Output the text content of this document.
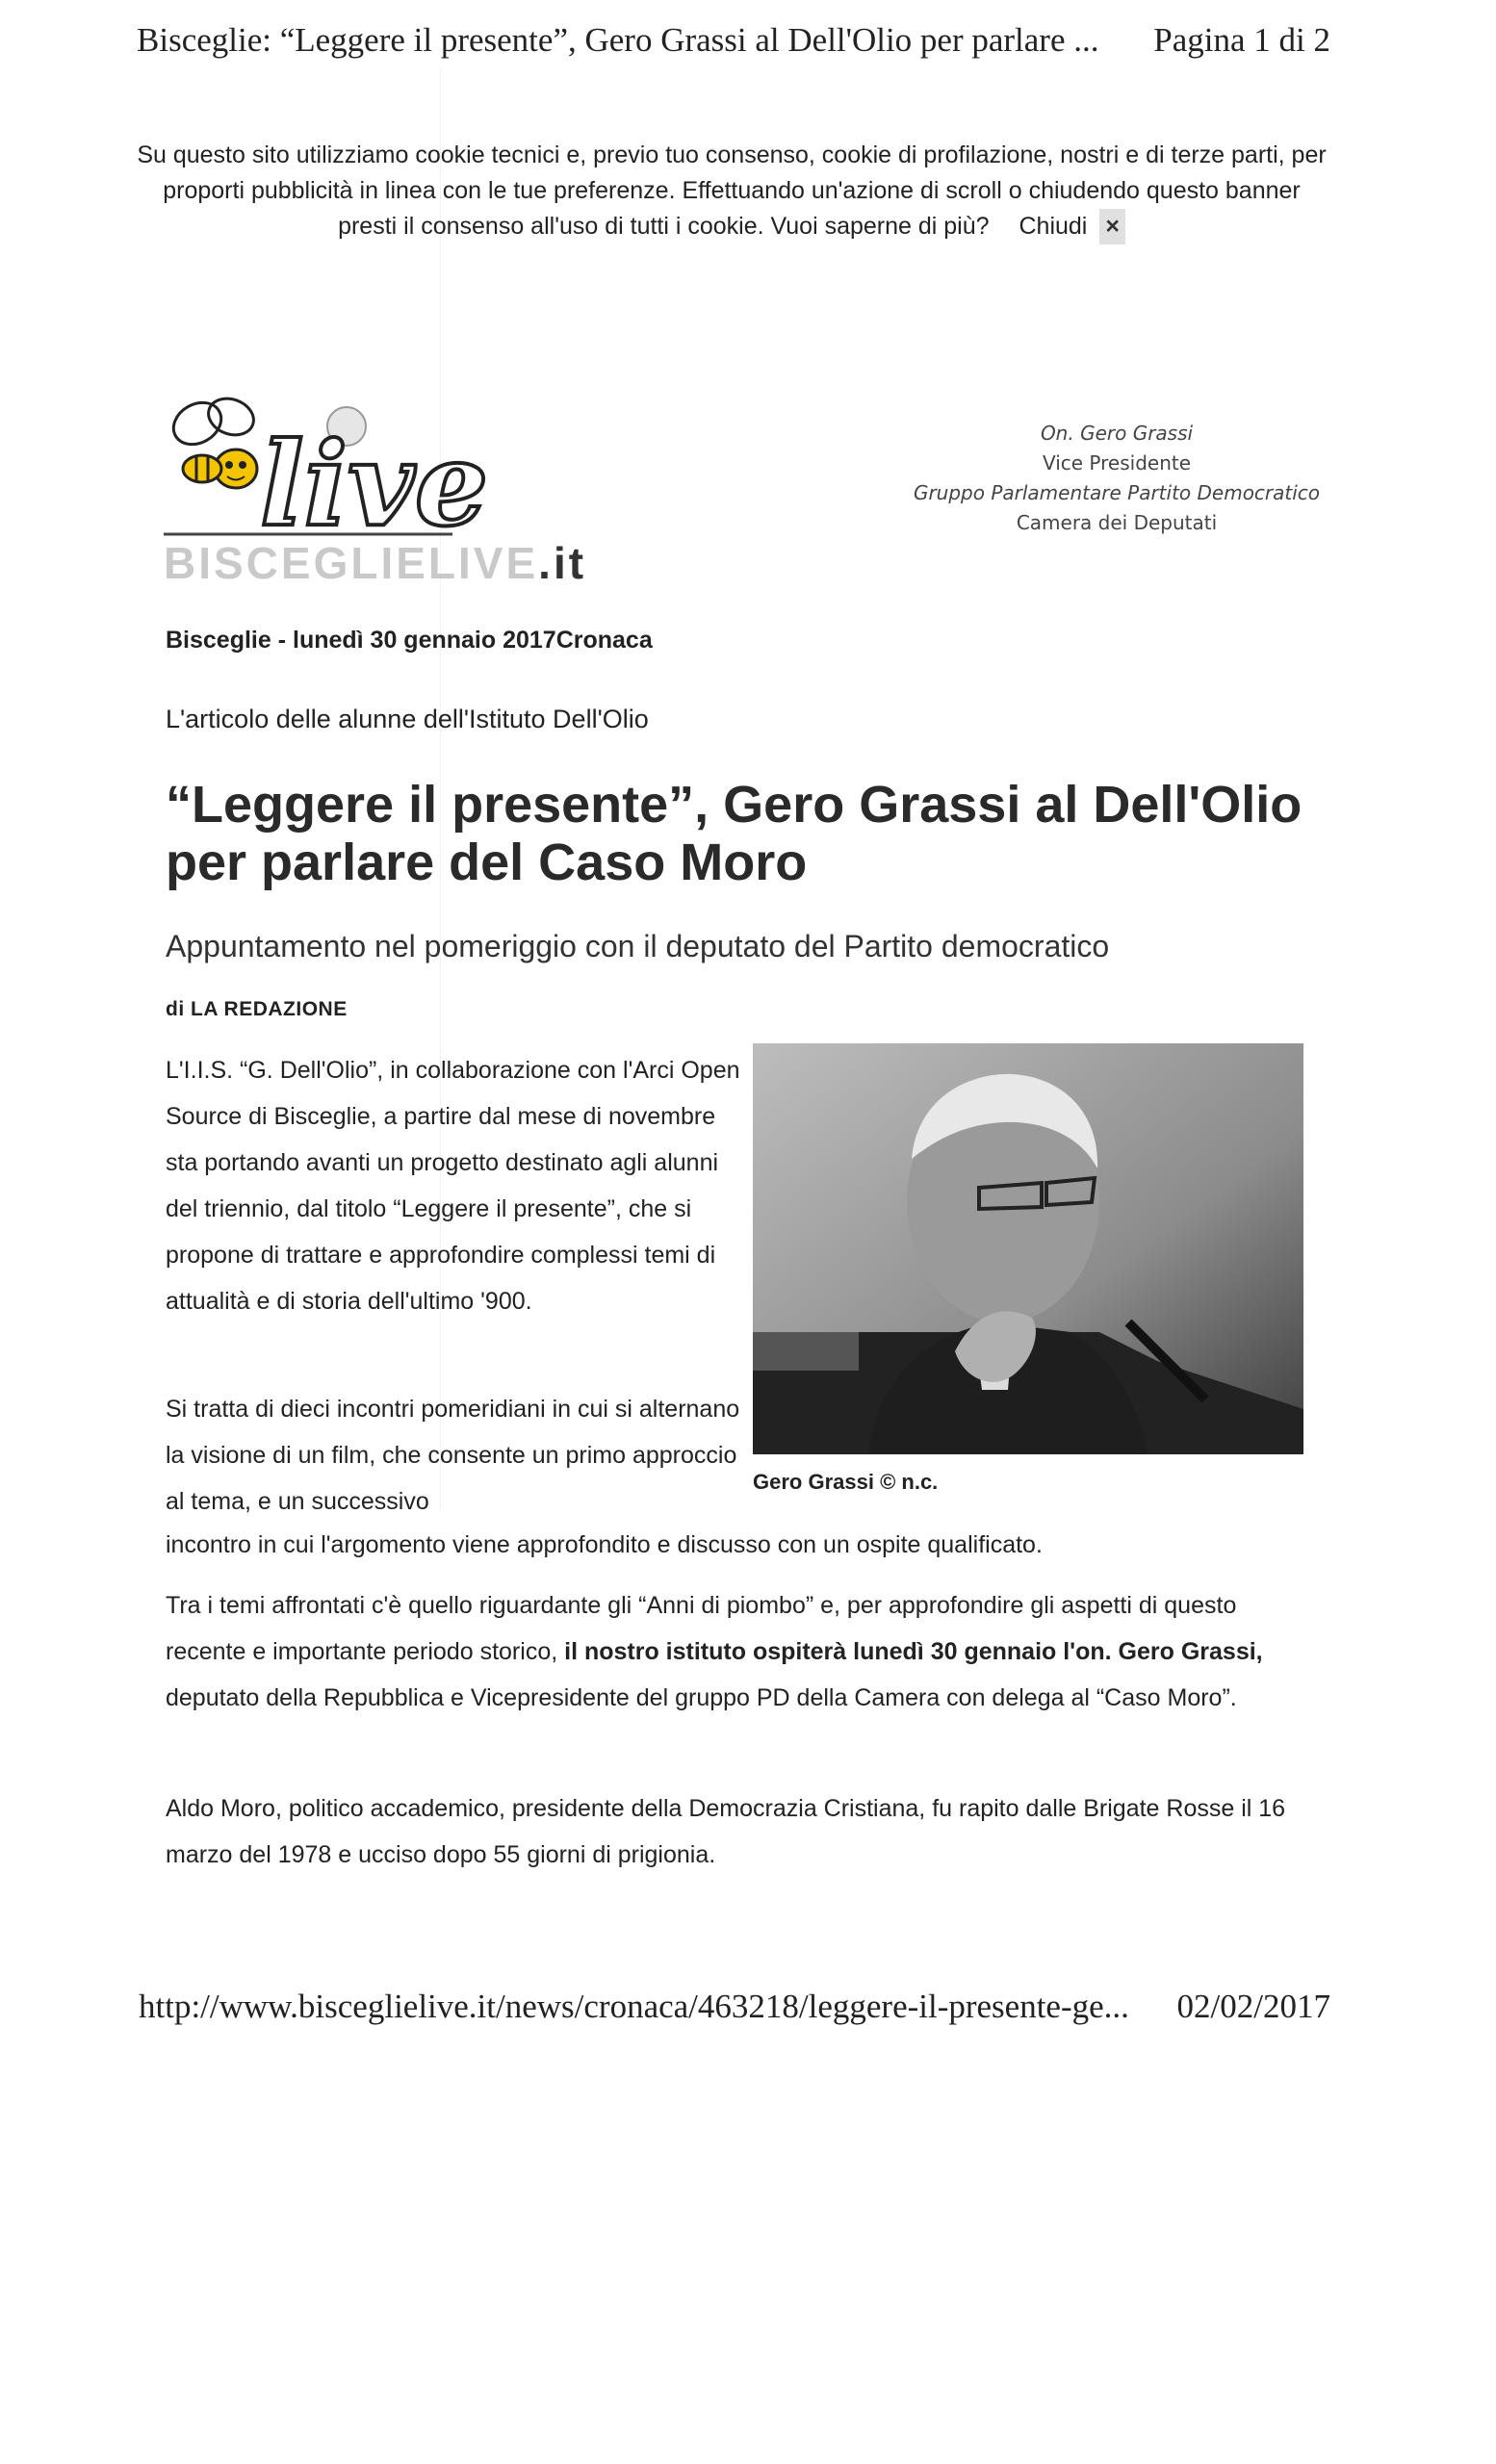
Bisceglie: “Leggere il presente”, Gero Grassi al Dell'Olio per parlare ... Pagina 1 di 2
Su questo sito utilizziamo cookie tecnici e, previo tuo consenso, cookie di profilazione, nostri e di terze parti, per proporti pubblicità in linea con le tue preferenze. Effettuando un'azione di scroll o chiudendo questo banner presti il consenso all'uso di tutti i cookie. Vuoi saperne di più? Chiudi ×
live
BISCEGLIELIVE.it
On. Gero Grassi
Vice Presidente
Gruppo Parlamentare Partito Democratico
Camera dei Deputati
Bisceglie - lunedì 30 gennaio 2017Cronaca
L'articolo delle alunne dell'Istituto Dell'Olio
“Leggere il presente”, Gero Grassi al Dell'Olio per parlare del Caso Moro
Appuntamento nel pomeriggio con il deputato del Partito democratico
di LA REDAZIONE

L'I.I.S. “G. Dell'Olio”, in collaborazione con l'Arci Open Source di Bisceglie, a partire dal mese di novembre sta portando avanti un progetto destinato agli alunni del triennio, dal titolo “Leggere il presente”, che si propone di trattare e approfondire complessi temi di attualità e di storia dell'ultimo '900.

Gero Grassi © n.c.

Si tratta di dieci incontri pomeridiani in cui si alternano la visione di un film, che consente un primo approccio al tema, e un successivo

incontro in cui l'argomento viene approfondito e discusso con un ospite qualificato.

Tra i temi affrontati c'è quello riguardante gli “Anni di piombo” e, per approfondire gli aspetti di questo recente e importante periodo storico, il nostro istituto ospiterà lunedì 30 gennaio l'on. Gero Grassi, deputato della Repubblica e Vicepresidente del gruppo PD della Camera con delega al “Caso Moro”.

Aldo Moro, politico accademico, presidente della Democrazia Cristiana, fu rapito dalle Brigate Rosse il 16 marzo del 1978 e ucciso dopo 55 giorni di prigionia.

http://www.bisceglielive.it/news/cronaca/463218/leggere-il-presente-ge... 02/02/2017
